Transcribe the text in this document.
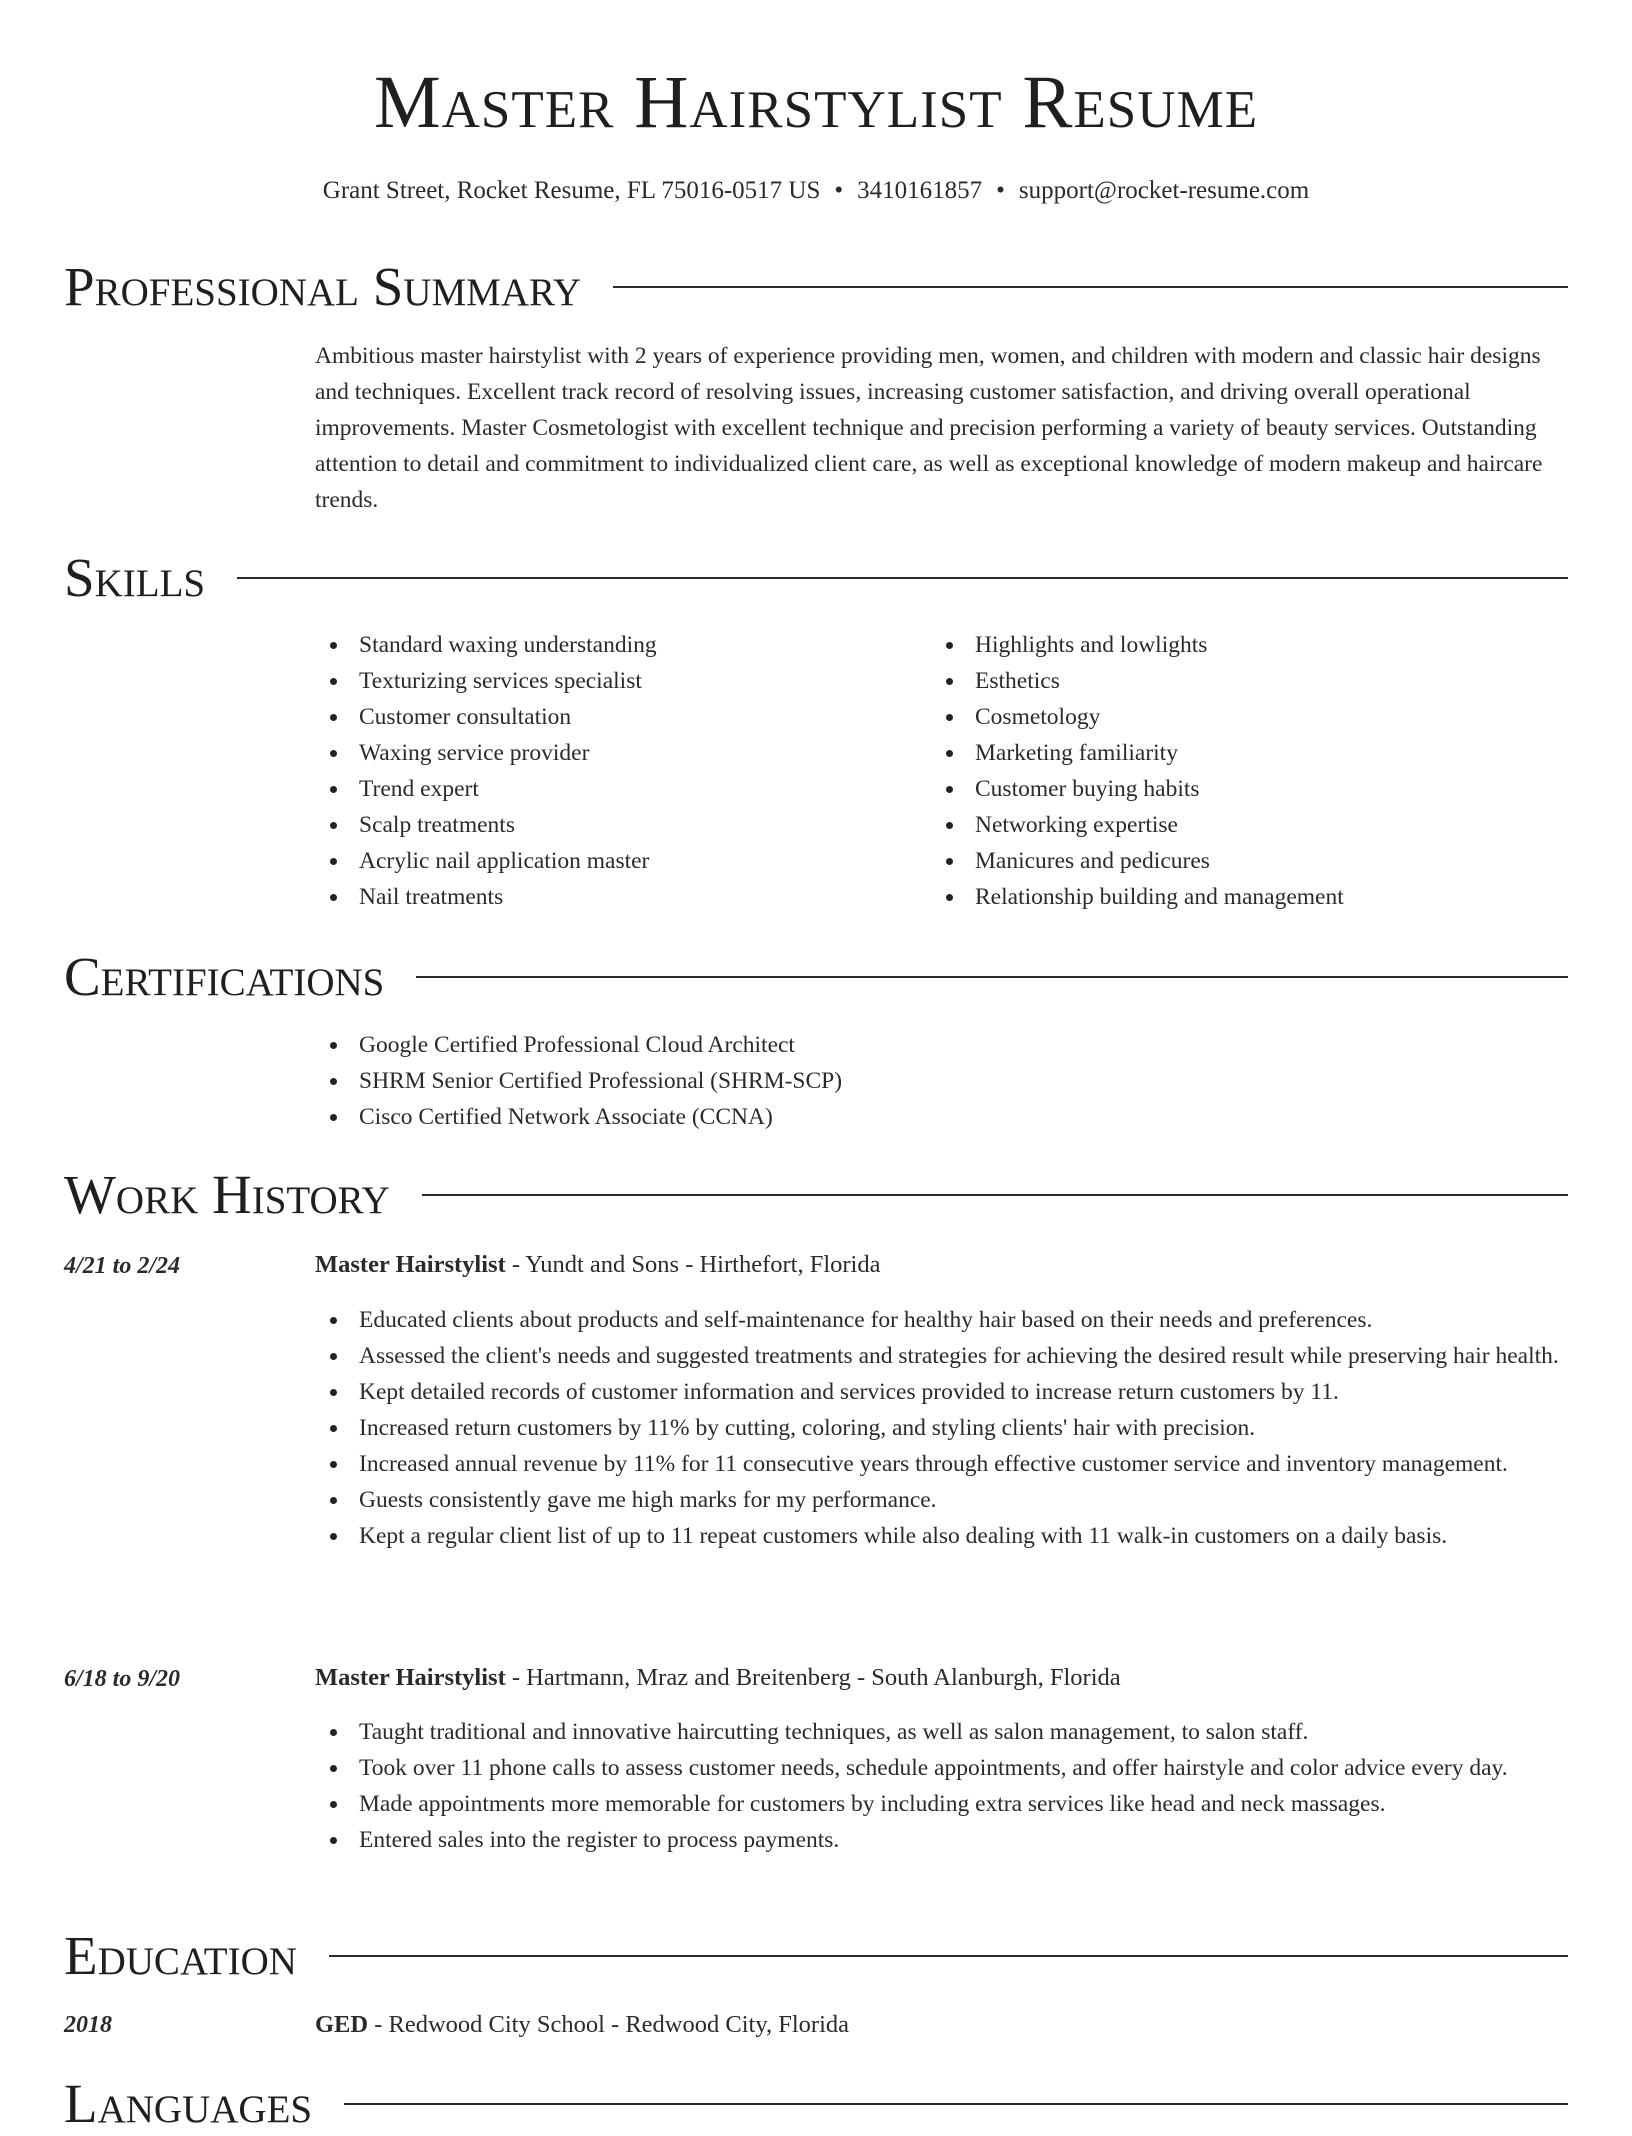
Master Hairstylist Resume
Grant Street, Rocket Resume, FL 75016-0517 US • 3410161857 • support@rocket-resume.com
Professional Summary
Ambitious master hairstylist with 2 years of experience providing men, women, and children with modern and classic hair designs and techniques. Excellent track record of resolving issues, increasing customer satisfaction, and driving overall operational improvements. Master Cosmetologist with excellent technique and precision performing a variety of beauty services. Outstanding attention to detail and commitment to individualized client care, as well as exceptional knowledge of modern makeup and haircare trends.
Skills
Standard waxing understanding
Texturizing services specialist
Customer consultation
Waxing service provider
Trend expert
Scalp treatments
Acrylic nail application master
Nail treatments
Highlights and lowlights
Esthetics
Cosmetology
Marketing familiarity
Customer buying habits
Networking expertise
Manicures and pedicures
Relationship building and management
Certifications
Google Certified Professional Cloud Architect
SHRM Senior Certified Professional (SHRM-SCP)
Cisco Certified Network Associate (CCNA)
Work History
4/21 to 2/24	Master Hairstylist - Yundt and Sons - Hirthefort, Florida
Educated clients about products and self-maintenance for healthy hair based on their needs and preferences.
Assessed the client's needs and suggested treatments and strategies for achieving the desired result while preserving hair health.
Kept detailed records of customer information and services provided to increase return customers by 11.
Increased return customers by 11% by cutting, coloring, and styling clients' hair with precision.
Increased annual revenue by 11% for 11 consecutive years through effective customer service and inventory management.
Guests consistently gave me high marks for my performance.
Kept a regular client list of up to 11 repeat customers while also dealing with 11 walk-in customers on a daily basis.
6/18 to 9/20	Master Hairstylist - Hartmann, Mraz and Breitenberg - South Alanburgh, Florida
Taught traditional and innovative haircutting techniques, as well as salon management, to salon staff.
Took over 11 phone calls to assess customer needs, schedule appointments, and offer hairstyle and color advice every day.
Made appointments more memorable for customers by including extra services like head and neck massages.
Entered sales into the register to process payments.
Education
2018	GED - Redwood City School - Redwood City, Florida
Languages
